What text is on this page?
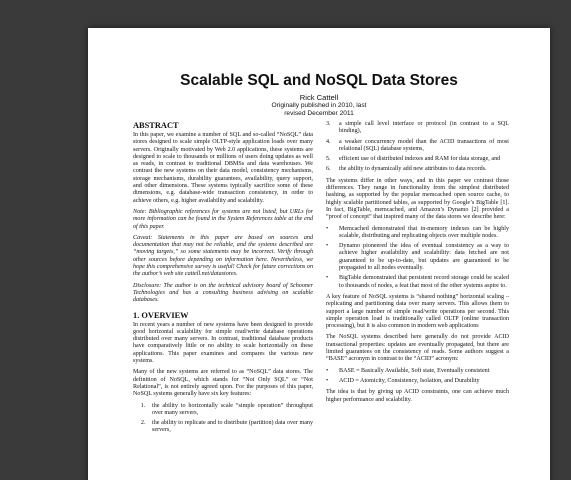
Scalable SQL and NoSQL Data Stores
Rick Cattell
Originally published in 2010, last
revised December 2011
ABSTRACT

In this paper, we examine a number of SQL and so-called “NoSQL” data stores designed to scale simple OLTP-style application loads over many servers. Originally motivated by Web 2.0 applications, these systems are designed to scale to thousands or millions of users doing updates as well as reads, in contrast to traditional DBMSs and data warehouses. We contrast the new systems on their data model, consistency mechanisms, storage mechanisms, durability guarantees, availability, query support, and other dimensions. These systems typically sacrifice some of these dimensions, e.g. database-wide transaction consistency, in order to achieve others, e.g. higher availability and scalability.

Note: Bibliographic references for systems are not listed, but URLs for more information can be found in the System References table at the end of this paper.

Caveat: Statements in this paper are based on sources and documentation that may not be reliable, and the systems described are “moving targets,” so some statements may be incorrect. Verify through other sources before depending on information here. Nevertheless, we hope this comprehensive survey is useful! Check for future corrections on the author’s web site cattell.net/datastores.

Disclosure: The author is on the technical advisory board of Schooner Technologies and has a consulting business advising on scalable databases.

1. OVERVIEW

In recent years a number of new systems have been designed to provide good horizontal scalability for simple read/write database operations distributed over many servers. In contrast, traditional database products have comparatively little or no ability to scale horizontally on these applications. This paper examines and compares the various new systems.

Many of the new systems are referred to as “NoSQL” data stores. The definition of NoSQL, which stands for “Not Only SQL” or “Not Relational”, is not entirely agreed upon. For the purposes of this paper, NoSQL systems generally have six key features:

1. the ability to horizontally scale “simple operation” throughput over many servers,
2. the ability to replicate and to distribute (partition) data over many servers,
3.	a simple call level interface or protocol (in contrast to a SQL binding),
4.	a weaker concurrency model than the ACID transactions of most relational (SQL) database systems,
5.	efficient use of distributed indexes and RAM for data storage, and
6.	the ability to dynamically add new attributes to data records.

The systems differ in other ways, and in this paper we contrast those differences. They range in functionality from the simplest distributed hashing, as supported by the popular memcached open source cache, to highly scalable partitioned tables, as supported by Google’s BigTable [1]. In fact, BigTable, memcached, and Amazon’s Dynamo [2] provided a “proof of concept” that inspired many of the data stores we describe here:

•	Memcached demonstrated that in-memory indexes can be highly scalable, distributing and replicating objects over multiple nodes.
•	Dynamo pioneered the idea of eventual consistency as a way to achieve higher availability and scalability: data fetched are not guaranteed to be up-to-date, but updates are guaranteed to be propagated to all nodes eventually.
•	BigTable demonstrated that persistent record storage could be scaled to thousands of nodes, a feat that most of the other systems aspire to.

A key feature of NoSQL systems is “shared nothing” horizontal scaling – replicating and partitioning data over many servers. This allows them to support a large number of simple read/write operations per second. This simple operation load is traditionally called OLTP (online transaction processing), but it is also common in modern web applications

The NoSQL systems described here generally do not provide ACID transactional properties: updates are eventually propagated, but there are limited guarantees on the consistency of reads. Some authors suggest a “BASE” acronym in contrast to the “ACID” acronym:

•	BASE = Basically Available, Soft state, Eventually consistent
•	ACID = Atomicity, Consistency, Isolation, and Durability

The idea is that by giving up ACID constraints, one can achieve much higher performance and scalability.
